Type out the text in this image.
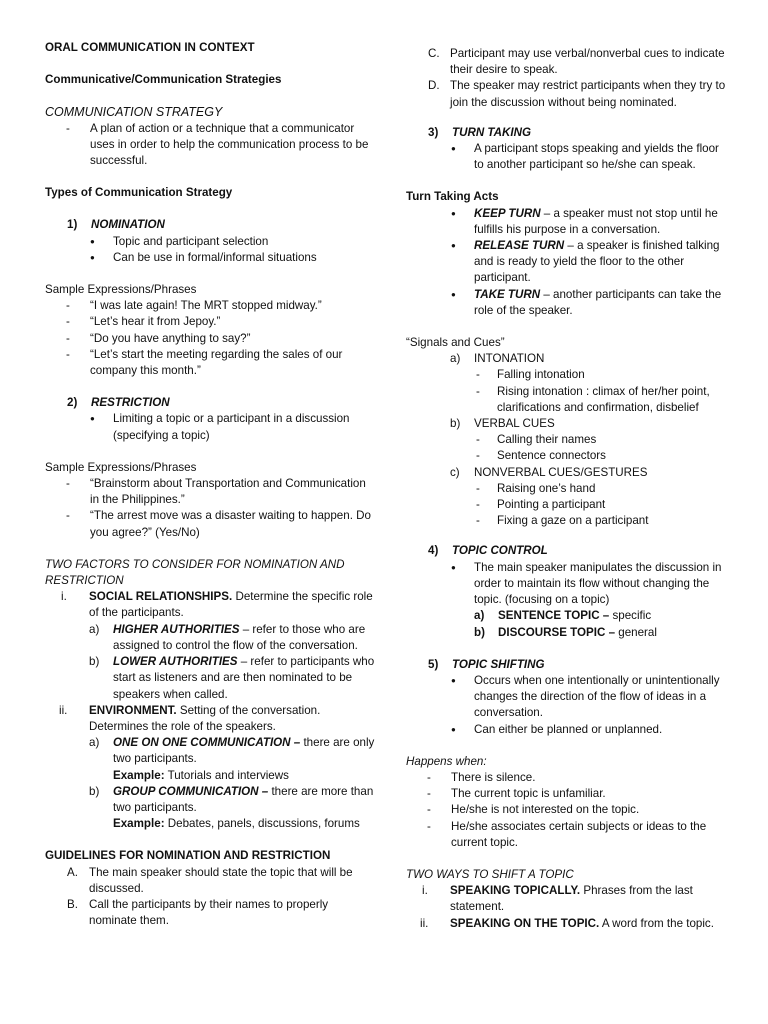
ORAL COMMUNICATION IN CONTEXT

Communicative/Communication Strategies

COMMUNICATION STRATEGY

-	A plan of action or a technique that a communicator uses in order to help the communication process to be successful.

Types of Communication Strategy

1)	NOMINATION
●	Topic and participant selection
●	Can be use in formal/informal situations

Sample Expressions/Phrases

-	“I was late again! The MRT stopped midway.”
-	“Let’s hear it from Jepoy.”
-	“Do you have anything to say?”
-	“Let’s start the meeting regarding the sales of our company this month.”
2)	RESTRICTION
●	Limiting a topic or a participant in a discussion (specifying a topic)

Sample Expressions/Phrases

-	“Brainstorm about Transportation and Communication in the Philippines.”
-	“The arrest move was a disaster waiting to happen. Do you agree?” (Yes/No)

TWO FACTORS TO CONSIDER FOR NOMINATION AND RESTRICTION

i.	SOCIAL RELATIONSHIPS. Determine the specific role of the participants.
a)	HIGHER AUTHORITIES – refer to those who are assigned to control the flow of the conversation.
b)	LOWER AUTHORITIES – refer to participants who start as listeners and are then nominated to be speakers when called.
ii.	ENVIRONMENT. Setting of the conversation. Determines the role of the speakers.
a)	ONE ON ONE COMMUNICATION – there are only two participants.
Example: Tutorials and interviews
b)	GROUP COMMUNICATION – there are more than two participants.
Example: Debates, panels, discussions, forums

GUIDELINES FOR NOMINATION AND RESTRICTION

A. The main speaker should state the topic that will be discussed.
B. Call the participants by their names to properly nominate them.
C. Participant may use verbal/nonverbal cues to indicate their desire to speak.
D. The speaker may restrict participants when they try to join the discussion without being nominated.
3)	TURN TAKING
●	A participant stops speaking and yields the floor to another participant so he/she can speak.

Turn Taking Acts

●	KEEP TURN – a speaker must not stop until he fulfills his purpose in a conversation.
●	RELEASE TURN – a speaker is finished talking and is ready to yield the floor to the other participant.
●	TAKE TURN – another participants can take the role of the speaker.

“Signals and Cues”

a)	INTONATION
-	Falling intonation
-	Rising intonation : climax of her/her point, clarifications and confirmation, disbelief
b)	VERBAL CUES
-	Calling their names
-	Sentence connectors
c)	NONVERBAL CUES/GESTURES
-	Raising one’s hand
-	Pointing a participant
-	Fixing a gaze on a participant
4)	TOPIC CONTROL
●	The main speaker manipulates the discussion in order to maintain its flow without changing the topic. (focusing on a topic)
a)	SENTENCE TOPIC – specific
b)	DISCOURSE TOPIC – general
5)	TOPIC SHIFTING
●	Occurs when one intentionally or unintentionally changes the direction of the flow of ideas in a conversation.
●	Can either be planned or unplanned.

Happens when:

-	There is silence.
-	The current topic is unfamiliar.
-	He/she is not interested on the topic.
-	He/she associates certain subjects or ideas to the current topic.

TWO WAYS TO SHIFT A TOPIC

i.	SPEAKING TOPICALLY. Phrases from the last statement.
ii.	SPEAKING ON THE TOPIC. A word from the topic.
